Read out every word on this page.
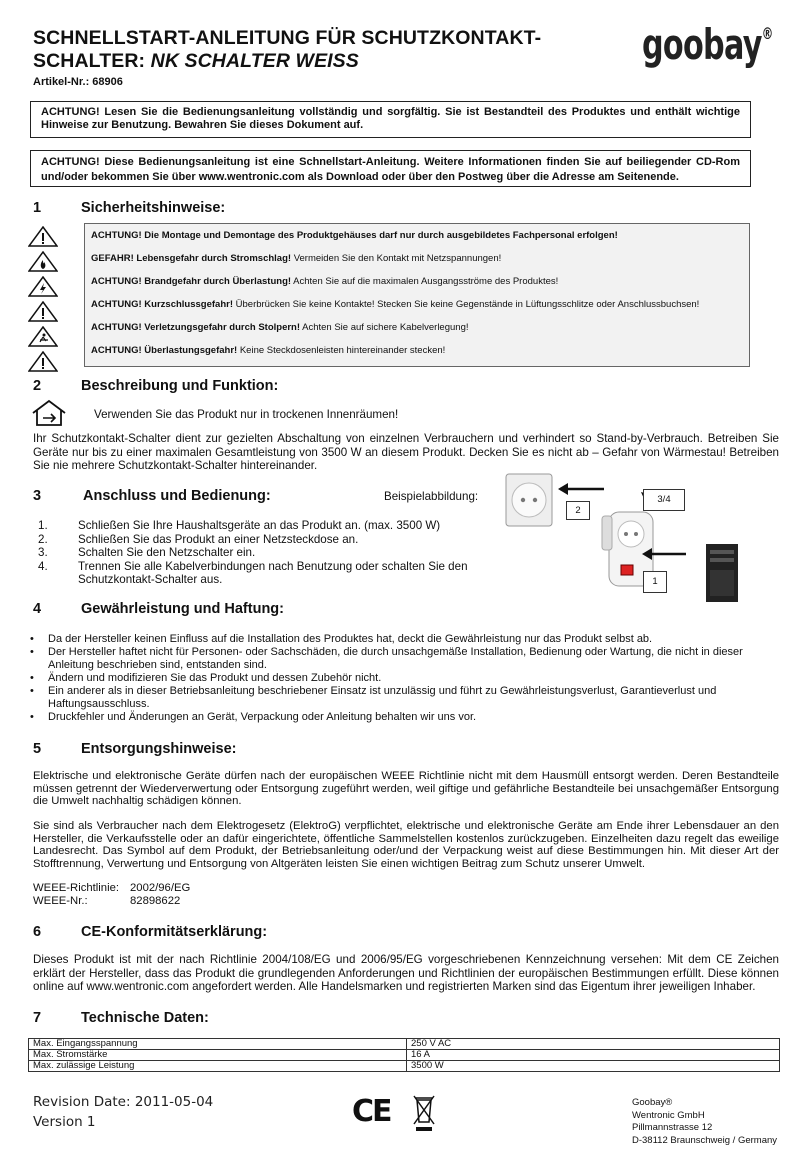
SCHNELLSTART-ANLEITUNG FÜR SCHUTZKONTAKT-
SCHALTER: NK SCHALTER WEISS
Artikel-Nr.: 68906
goobay®
ACHTUNG! Lesen Sie die Bedienungsanleitung vollständig und sorgfältig. Sie ist Bestandteil des Produktes und enthält wichtige Hinweise zur Benutzung. Bewahren Sie dieses Dokument auf.
ACHTUNG! Diese Bedienungsanleitung ist eine Schnellstart-Anleitung. Weitere Informationen finden Sie auf beiliegender CD-Rom und/oder bekommen Sie über www.wentronic.com als Download oder über den Postweg über die Adresse am Seitenende.
1	Sicherheitshinweise:
ACHTUNG! Die Montage und Demontage des Produktgehäuses darf nur durch ausgebildetes Fachpersonal erfolgen!
GEFAHR! Lebensgefahr durch Stromschlag! Vermeiden Sie den Kontakt mit Netzspannungen!
ACHTUNG! Brandgefahr durch Überlastung! Achten Sie auf die maximalen Ausgangsströme des Produktes!
ACHTUNG! Kurzschlussgefahr! Überbrücken Sie keine Kontakte! Stecken Sie keine Gegenstände in Lüftungsschlitze oder Anschlussbuchsen!
ACHTUNG! Verletzungsgefahr durch Stolpern! Achten Sie auf sichere Kabelverlegung!
ACHTUNG! Überlastungsgefahr! Keine Steckdosenleisten hintereinander stecken!
2	Beschreibung und Funktion:
Verwenden Sie das Produkt nur in trockenen Innenräumen!
Ihr Schutzkontakt-Schalter dient zur gezielten Abschaltung von einzelnen Verbrauchern und verhindert so Stand-by-Verbrauch. Betreiben Sie Geräte nur bis zu einer maximalen Gesamtleistung von 3500 W an diesem Produkt. Decken Sie es nicht ab – Gefahr von Wärmestau! Betreiben Sie nie mehrere Schutzkontakt-Schalter hintereinander.
3	Anschluss und Bedienung:	Beispielabbildung:
1.	Schließen Sie Ihre Haushaltsgeräte an das Produkt an. (max. 3500 W)
2.	Schließen Sie das Produkt an einer Netzsteckdose an.
3.	Schalten Sie den Netzschalter ein.
4.	Trennen Sie alle Kabelverbindungen nach Benutzung oder schalten Sie den Schutzkontakt-Schalter aus.
2
3/4
1
4	Gewährleistung und Haftung:
• Da der Hersteller keinen Einfluss auf die Installation des Produktes hat, deckt die Gewährleistung nur das Produkt selbst ab.
• Der Hersteller haftet nicht für Personen- oder Sachschäden, die durch unsachgemäße Installation, Bedienung oder Wartung, die nicht in dieser Anleitung beschrieben sind, entstanden sind.
• Ändern und modifizieren Sie das Produkt und dessen Zubehör nicht.
• Ein anderer als in dieser Betriebsanleitung beschriebener Einsatz ist unzulässig und führt zu Gewährleistungsverlust, Garantieverlust und Haftungsausschluss.
• Druckfehler und Änderungen an Gerät, Verpackung oder Anleitung behalten wir uns vor.
5	Entsorgungshinweise:
Elektrische und elektronische Geräte dürfen nach der europäischen WEEE Richtlinie nicht mit dem Hausmüll entsorgt werden. Deren Bestandteile müssen getrennt der Wiederverwertung oder Entsorgung zugeführt werden, weil giftige und gefährliche Bestandteile bei unsachgemäßer Entsorgung die Umwelt nachhaltig schädigen können.
Sie sind als Verbraucher nach dem Elektrogesetz (ElektroG) verpflichtet, elektrische und elektronische Geräte am Ende ihrer Lebensdauer an den Hersteller, die Verkaufsstelle oder an dafür eingerichtete, öffentliche Sammelstellen kostenlos zurückzugeben. Einzelheiten dazu regelt das eweilige Landesrecht. Das Symbol auf dem Produkt, der Betriebsanleitung oder/und der Verpackung weist auf diese Bestimmungen hin. Mit dieser Art der Stofftrennung, Verwertung und Entsorgung von Altgeräten leisten Sie einen wichtigen Beitrag zum Schutz unserer Umwelt.
WEEE-Richtlinie: 2002/96/EG
WEEE-Nr.:	82898622
6	CE-Konformitätserklärung:
Dieses Produkt ist mit der nach Richtlinie 2004/108/EG und 2006/95/EG vorgeschriebenen Kennzeichnung versehen: Mit dem CE Zeichen erklärt der Hersteller, dass das Produkt die grundlegenden Anforderungen und Richtlinien der europäischen Bestimmungen erfüllt. Diese können online auf www.wentronic.com angefordert werden. Alle Handelsmarken und registrierten Marken sind das Eigentum ihrer jeweiligen Inhaber.
7	Technische Daten:
Max. Eingangsspannung	250 V AC
Max. Stromstärke	16 A
Max. zulässige Leistung	3500 W
Revision Date: 2011-05-04
Version 1	CE	Goobay®
Wentronic GmbH
Pillmannstrasse 12
D-38112 Braunschweig / Germany
